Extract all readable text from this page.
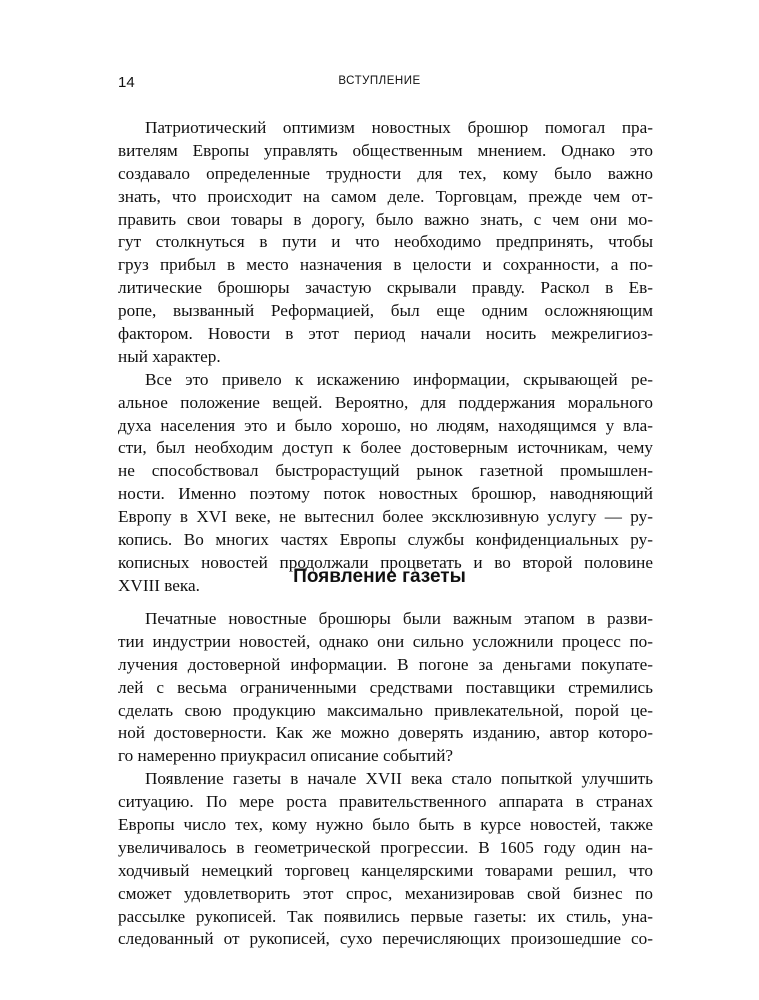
14	ВСТУПЛЕНИЕ
Патриотический оптимизм новостных брошюр помогал пра-
вителям Европы управлять общественным мнением. Однако это
создавало определенные трудности для тех, кому было важно
знать, что происходит на самом деле. Торговцам, прежде чем от-
править свои товары в дорогу, было важно знать, с чем они мо-
гут столкнуться в пути и что необходимо предпринять, чтобы
груз прибыл в место назначения в целости и сохранности, а по-
литические брошюры зачастую скрывали правду. Раскол в Ев-
ропе, вызванный Реформацией, был еще одним осложняющим
фактором. Новости в этот период начали носить межрелигиоз-
ный характер.
Все это привело к искажению информации, скрывающей ре-
альное положение вещей. Вероятно, для поддержания морального
духа населения это и было хорошо, но людям, находящимся у вла-
сти, был необходим доступ к более достоверным источникам, чему
не способствовал быстрорастущий рынок газетной промышлен-
ности. Именно поэтому поток новостных брошюр, наводняющий
Европу в XVI веке, не вытеснил более эксклюзивную услугу — ру-
копись. Во многих частях Европы службы конфиденциальных ру-
кописных новостей продолжали процветать и во второй половине
XVIII века.	Появление газеты
Печатные новостные брошюры были важным этапом в разви-
тии индустрии новостей, однако они сильно усложнили процесс по-
лучения достоверной информации. В погоне за деньгами покупате-
лей с весьма ограниченными средствами поставщики стремились
сделать свою продукцию максимально привлекательной, порой це-
ной достоверности. Как же можно доверять изданию, автор которо-
го намеренно приукрасил описание событий?
Появление газеты в начале XVII века стало попыткой улучшить
ситуацию. По мере роста правительственного аппарата в странах
Европы число тех, кому нужно было быть в курсе новостей, также
увеличивалось в геометрической прогрессии. В 1605 году один на-
ходчивый немецкий торговец канцелярскими товарами решил, что
сможет удовлетворить этот спрос, механизировав свой бизнес по
рассылке рукописей. Так появились первые газеты: их стиль, уна-
следованный от рукописей, сухо перечисляющих произошедшие со-
